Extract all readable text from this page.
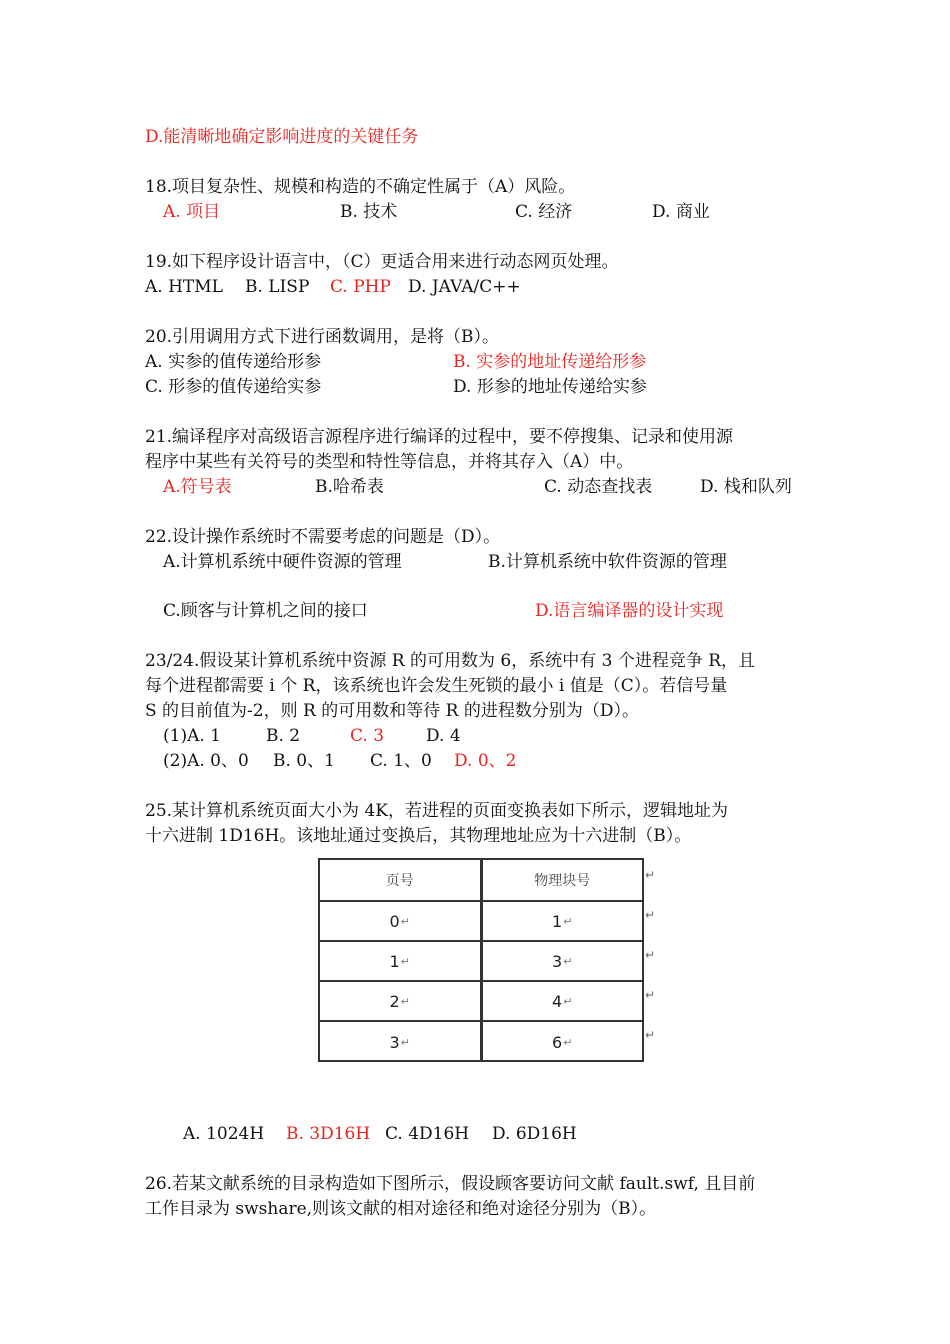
D.能清晰地确定影响进度的关键任务
18.项目复杂性、规模和构造的不确定性属于（A）风险。
A. 项目	B. 技术	C. 经济	D. 商业
19.如下程序设计语言中，（C）更适合用来进行动态网页处理。
A. HTML B. LISP C. PHP D. JAVA/C++
20.引用调用方式下进行函数调用，是将（B）。
A. 实参的值传递给形参	B. 实参的地址传递给形参
C. 形参的值传递给实参	D. 形参的地址传递给实参
21.编译程序对高级语言源程序进行编译的过程中，要不停搜集、记录和使用源
程序中某些有关符号的类型和特性等信息，并将其存入（A）中。
A.符号表	B.哈希表	C. 动态查找表	D. 栈和队列
22.设计操作系统时不需要考虑的问题是（D）。
A.计算机系统中硬件资源的管理	B.计算机系统中软件资源的管理
C.顾客与计算机之间的接口	D.语言编译器的设计实现
23/24.假设某计算机系统中资源 R 的可用数为 6，系统中有 3 个进程竞争 R，且
每个进程都需要 i 个 R，该系统也许会发生死锁的最小 i 值是（C）。若信号量
S 的目前值为-2，则 R 的可用数和等待 R 的进程数分别为（D）。
(1)A. 1	B. 2	C. 3 D. 4
(2)A. 0、0 B. 0、1 C. 1、0 D. 0、2
25.某计算机系统页面大小为 4K，若进程的页面变换表如下所示，逻辑地址为
十六进制 1D16H。该地址通过变换后，其物理地址应为十六进制（B）。
页号	物理块号
0 ↵	1 ↵
1 ↵	3 ↵
2 ↵	4 ↵
3 ↵	6 ↵
↵
↵
↵
↵
↵
A. 1024H B. 3D16H C. 4D16H D. 6D16H
26.若某文献系统的目录构造如下图所示，假设顾客要访问文献 fault.swf, 且目前
工作目录为 swshare,则该文献的相对途径和绝对途径分别为（B）。
